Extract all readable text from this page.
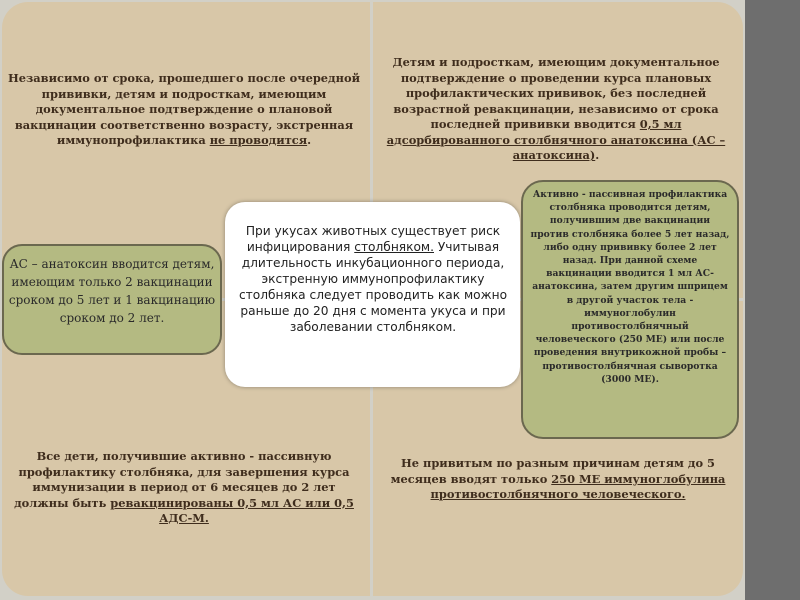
Независимо от срока, прошедшего после очередной прививки, детям и подросткам, имеющим документальное подтверждение о плановой вакцинации соответственно возрасту, экстренная иммунопрофилактика не проводится.
Детям и подросткам, имеющим документальное подтверждение о проведении курса плановых профилактических прививок, без последней возрастной ревакцинации, независимо от срока последней прививки вводится 0,5 мл адсорбированного столбнячного анатоксина (АС – анатоксина).
Все дети, получившие активно - пассивную профилактику столбняка, для завершения курса иммунизации в период от 6 месяцев до 2 лет должны быть ревакцинированы 0,5 мл АС или 0,5 АДС-М.
Не привитым по разным причинам детям до 5 месяцев вводят только 250 МЕ иммуноглобулина противостолбнячного человеческого.
При укусах животных существует риск инфицирования столбняком. Учитывая длительность инкубационного периода, экстренную иммунопрофилактику столбняка следует проводить как можно раньше до 20 дня с момента укуса и при заболевании столбняком.
АС – анатоксин вводится детям, имеющим только 2 вакцинации сроком до 5 лет и 1 вакцинацию сроком до 2 лет.
Активно - пассивная профилактика столбняка проводится детям, получившим две вакцинации против столбняка более 5 лет назад, либо одну прививку более 2 лет назад. При данной схеме вакцинации вводится 1 мл АС-анатоксина, затем другим шприцем в другой участок тела - иммуноглобулин противостолбнячный человеческого (250 МЕ) или после проведения внутрикожной пробы – противостолбнячная сыворотка (3000 МЕ).
